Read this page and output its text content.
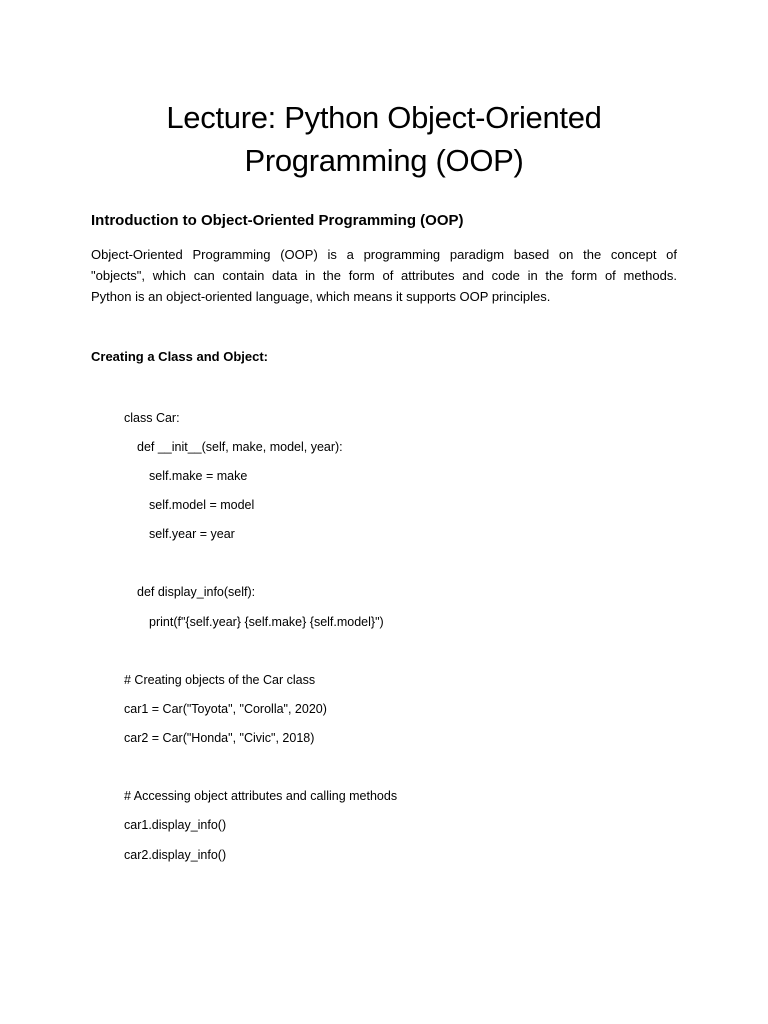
Lecture: Python Object-Oriented
Programming (OOP)
Introduction to Object-Oriented Programming (OOP)

Object-Oriented Programming (OOP) is a programming paradigm based on the concept of
"objects", which can contain data in the form of attributes and code in the form of methods.
Python is an object-oriented language, which means it supports OOP principles.

Creating a Class and Object:
class Car:
def __init__(self, make, model, year):
self.make = make
self.model = model
self.year = year
def display_info(self):
print(f"{self.year} {self.make} {self.model}")
# Creating objects of the Car class
car1 = Car("Toyota", "Corolla", 2020)
car2 = Car("Honda", "Civic", 2018)
# Accessing object attributes and calling methods
car1.display_info()
car2.display_info()
